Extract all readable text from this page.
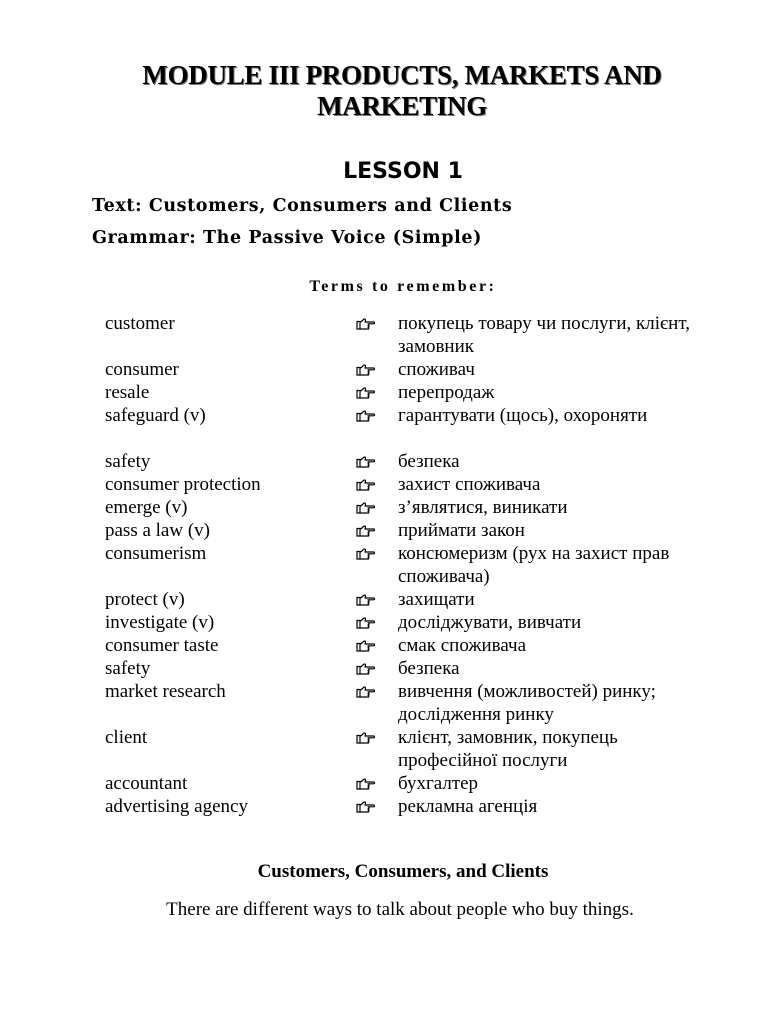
MODULE III PRODUCTS, MARKETS AND MARKETING
LESSON 1
Text: Customers, Consumers and Clients
Grammar: The Passive Voice (Simple)
Terms to remember:
customer	покупець товару чи послуги, клієнт, замовник
consumer	споживач
resale	перепродаж
safeguard (v)	гарантувати (щось), охороняти
safety	безпека
consumer protection	захист споживача
emerge (v)	з’являтися, виникати
pass a law (v)	приймати закон
consumerism	консюмеризм (рух на захист прав споживача)
protect (v)	захищати
investigate (v)	досліджувати, вивчати
consumer taste	смак споживача
safety	безпека
market research	вивчення (можливостей) ринку; дослідження ринку
client	клієнт, замовник, покупець професійної послуги
accountant	бухгалтер
advertising agency	рекламна агенція
Customers, Consumers, and Clients
There are different ways to talk about people who buy things.
